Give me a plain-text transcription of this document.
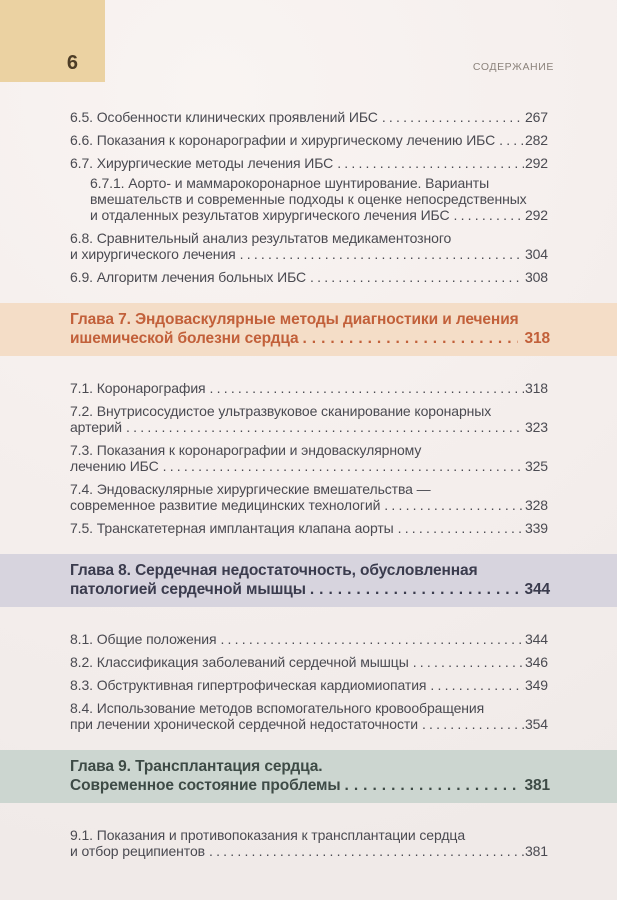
6	СОДЕРЖАНИЕ
6.5. Особенности клинических проявлений ИБС .....	267
6.6. Показания к коронарографии и хирургическому лечению ИБС ..... 282
6.7. Хирургические методы лечения ИБС .....	292
6.7.1. Аорто- и маммарокоронарное шунтирование. Варианты
вмешательств и современные подходы к оценке непосредственных
и отдаленных результатов хирургического лечения ИБС .....	292
6.8. Сравнительный анализ результатов медикаментозного
и хирургического лечения .....	304
6.9. Алгоритм лечения больных ИБС .....	308
Глава 7. Эндоваскулярные методы диагностики и лечения
ишемической болезни сердца .....	318
7.1. Коронарография .....	318
7.2. Внутрисосудистое ультразвуковое сканирование коронарных
артерий .....	323
7.3. Показания к коронарографии и эндоваскулярному
лечению ИБС .....	325
7.4. Эндоваскулярные хирургические вмешательства —
современное развитие медицинских технологий .....	328
7.5. Транскатетерная имплантация клапана аорты .....	339
Глава 8. Сердечная недостаточность, обусловленная
патологией сердечной мышцы .....	344
8.1. Общие положения .....	344
8.2. Классификация заболеваний сердечной мышцы .....	346
8.3. Обструктивная гипертрофическая кардиомиопатия .....	349
8.4. Использование методов вспомогательного кровообращения
при лечении хронической сердечной недостаточности .....	354
Глава 9. Трансплантация сердца.
Современное состояние проблемы .....	381
9.1. Показания и противопоказания к трансплантации сердца
и отбор реципиентов .....	381
